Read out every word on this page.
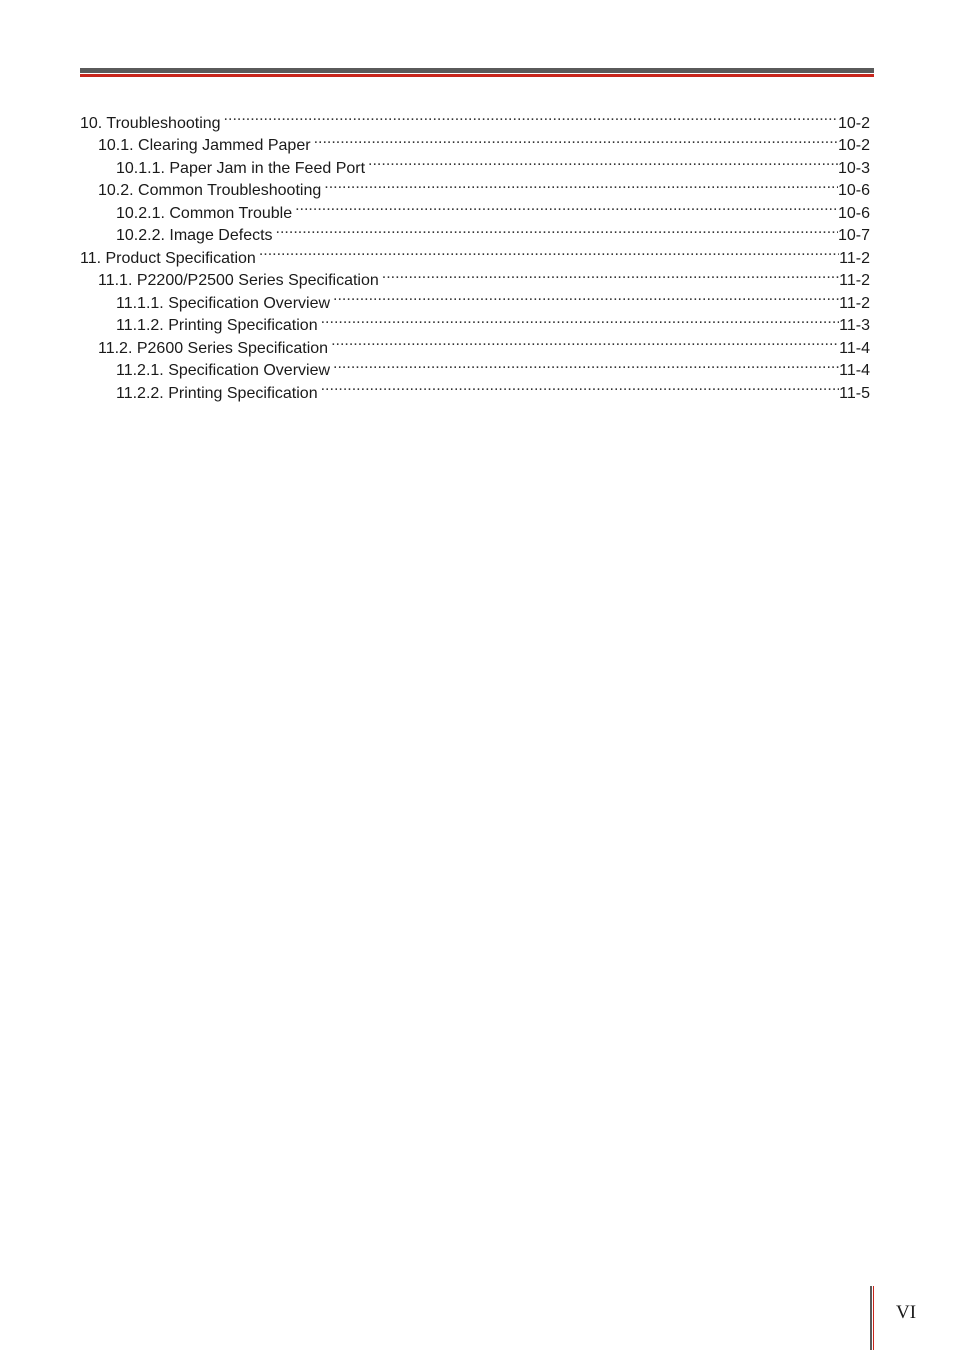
10. Troubleshooting .....	10-2
10.1. Clearing Jammed Paper .....	10-2
10.1.1. Paper Jam in the Feed Port .....	10-3
10.2. Common Troubleshooting .....	10-6
10.2.1. Common Trouble .....	10-6
10.2.2. Image Defects .....	10-7
11. Product Specification .....	11-2
11.1. P2200/P2500 Series Specification .....	11-2
11.1.1. Specification Overview .....	11-2
11.1.2. Printing Specification .....	11-3
11.2. P2600 Series Specification .....	11-4
11.2.1. Specification Overview .....	11-4
11.2.2. Printing Specification .....	11-5
VI
